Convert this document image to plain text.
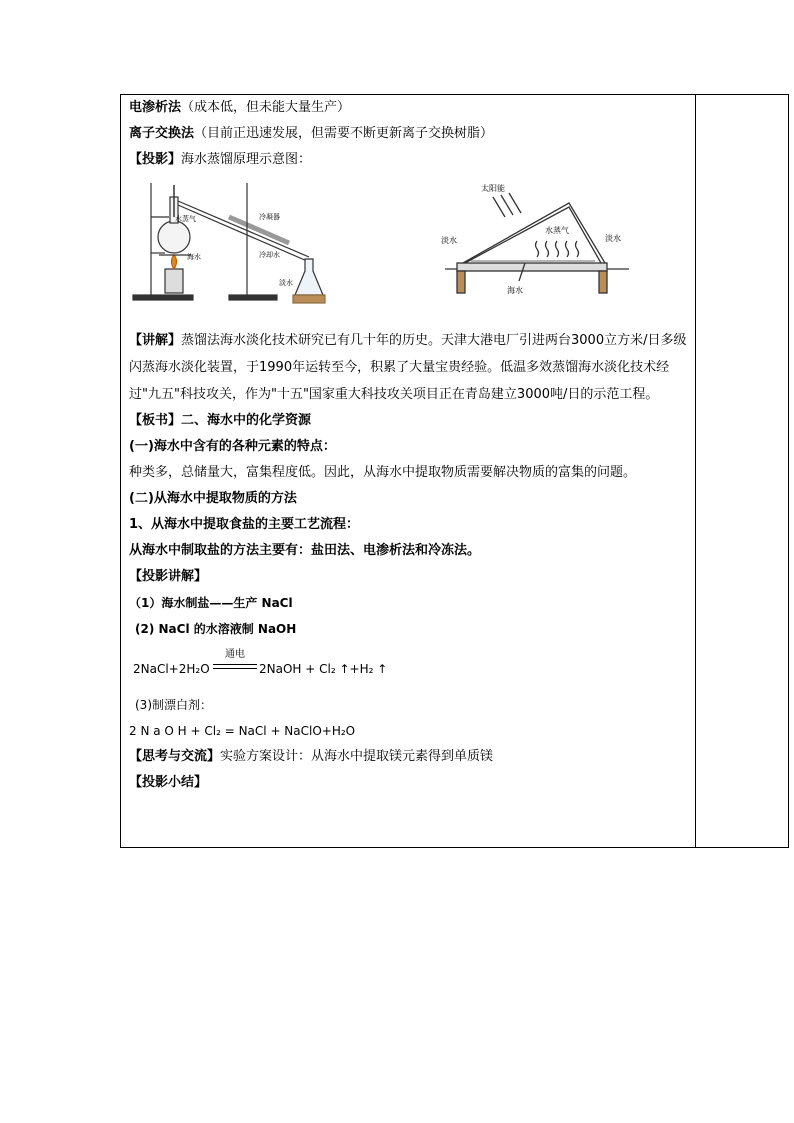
电渗析法（成本低，但未能大量生产）
离子交换法（目前正迅速发展，但需要不断更新离子交换树脂）
【投影】海水蒸馏原理示意图：
水蒸气	冷凝器
海水	冷却水
淡水
太阳能
水蒸气
淡水	淡水
海水
【讲解】蒸馏法海水淡化技术研究已有几十年的历史。天津大港电厂引进两台3000立方米/日多级闪蒸海水淡化装置，于1990年运转至今，积累了大量宝贵经验。低温多效蒸馏海水淡化技术经过"九五"科技攻关，作为"十五"国家重大科技攻关项目正在青岛建立3000吨/日的示范工程。
【板书】二、海水中的化学资源
(一)海水中含有的各种元素的特点：
种类多，总储量大，富集程度低。因此，从海水中提取物质需要解决物质的富集的问题。
(二)从海水中提取物质的方法
1、从海水中提取食盐的主要工艺流程：
从海水中制取盐的方法主要有：盐田法、电渗析法和冷冻法。
【投影讲解】
（1）海水制盐——生产 NaCl
(2) NaCl 的水溶液制 NaOH
2NaCl+2H₂O
通电
2NaOH + Cl₂ ↑+H₂ ↑
(3)制漂白剂：
2 N a O H + Cl₂ = NaCl + NaClO+H₂O
【思考与交流】实验方案设计：从海水中提取镁元素得到单质镁
【投影小结】
